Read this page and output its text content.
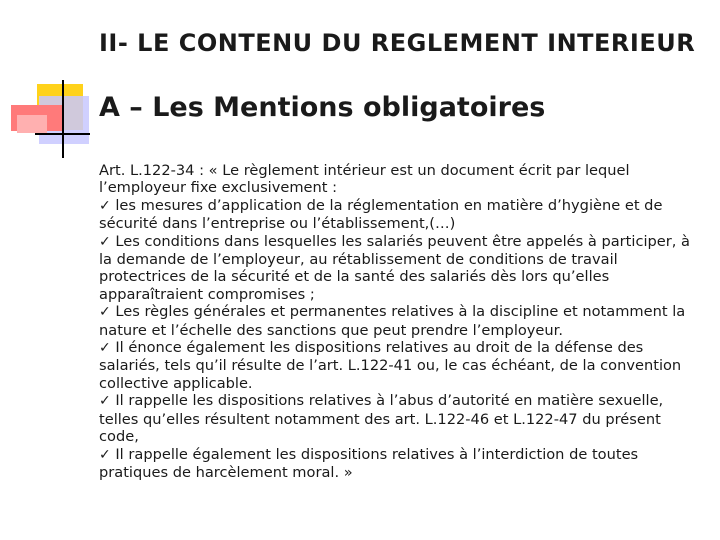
II- LE CONTENU DU REGLEMENT INTERIEUR
A – Les Mentions obligatoires

Art. L.122-34 : « Le règlement intérieur est un document écrit par lequel l’employeur fixe exclusivement :

✓ les mesures d’application de la réglementation en matière d’hygiène et de sécurité dans l’entreprise ou l’établissement,(…)

✓ Les conditions dans lesquelles les salariés peuvent être appelés à participer, à la demande de l’employeur, au rétablissement de conditions de travail protectrices de la sécurité et de la santé des salariés dès lors qu’elles apparaîtraient compromises ;

✓ Les règles générales et permanentes relatives à la discipline et notamment la nature et l’échelle des sanctions que peut prendre l’employeur.

✓ Il énonce également les dispositions relatives au droit de la défense des salariés, tels qu’il résulte de l’art. L.122-41 ou, le cas échéant, de la convention collective applicable.

✓ Il rappelle les dispositions relatives à l’abus d’autorité en matière sexuelle, telles qu’elles résultent notamment des art. L.122-46 et L.122-47 du présent code,

✓ Il rappelle également les dispositions relatives à l’interdiction de toutes pratiques de harcèlement moral. »
